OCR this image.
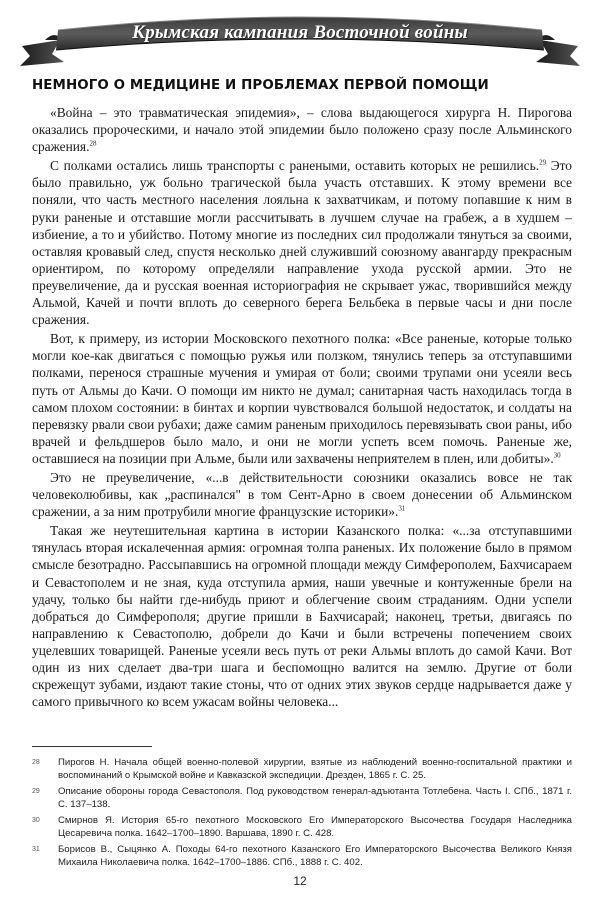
Крымская кампания Восточной войны
НЕМНОГО О МЕДИЦИНЕ И ПРОБЛЕМАХ ПЕРВОЙ ПОМОЩИ

«Война – это травматическая эпидемия», – слова выдающегося хирурга Н. Пирогова оказались пророческими, и начало этой эпидемии было положено сразу после Альминского сражения.$^{28}$

С полками остались лишь транспорты с ранеными, оставить которых не решились.$^{29}$ Это было правильно, уж больно трагической была участь отставших. К этому времени все поняли, что часть местного населения лояльна к захватчикам, и потому попавшие к ним в руки раненые и отставшие могли рассчитывать в лучшем случае на грабеж, а в худшем – избиение, а то и убийство. Потому многие из последних сил продолжали тянуться за своими, оставляя кровавый след, спустя несколько дней служивший союзному авангарду прекрасным ориентиром, по которому определяли направление ухода русской армии. Это не преувеличение, да и русская военная историография не скрывает ужас, творившийся между Альмой, Качей и почти вплоть до северного берега Бельбека в первые часы и дни после сражения.

Вот, к примеру, из истории Московского пехотного полка: «Все раненые, которые только могли кое-как двигаться с помощью ружья или ползком, тянулись теперь за отступавшими полками, перенося страшные мучения и умирая от боли; своими трупами они усеяли весь путь от Альмы до Качи. О помощи им никто не думал; санитарная часть находилась тогда в самом плохом состоянии: в бинтах и корпии чувствовался большой недостаток, и солдаты на перевязку рвали свои рубахи; даже самим раненым приходилось перевязывать свои раны, ибо врачей и фельдшеров было мало, и они не могли успеть всем помочь. Раненые же, оставшиеся на позиции при Альме, были или захвачены неприятелем в плен, или добиты».$^{30}$

Это не преувеличение, «...в действительности союзники оказались вовсе не так человеколюбивы, как „распинался" в том Сент-Арно в своем донесении об Альминском сражении, а за ним протрубили многие французские историки».$^{31}$

Такая же неутешительная картина в истории Казанского полка: «...за отступавшими тянулась вторая искалеченная армия: огромная толпа раненых. Их положение было в прямом смысле безотрадно. Рассыпавшись на огромной площади между Симферополем, Бахчисараем и Севастополем и не зная, куда отступила армия, наши увечные и контуженные брели на удачу, только бы найти где-нибудь приют и облегчение своим страданиям. Одни успели добраться до Симферополя; другие пришли в Бахчисарай; наконец, третьи, двигаясь по направлению к Севастополю, добрели до Качи и были встречены попечением своих уцелевших товарищей. Раненые усеяли весь путь от реки Альмы вплоть до самой Качи. Вот один из них сделает два-три шага и беспомощно валится на землю. Другие от боли скрежещут зубами, издают такие стоны, что от одних этих звуков сердце надрывается даже у самого привычного ко всем ужасам войны человека...

28	Пирогов Н. Начала общей военно-полевой хирургии, взятые из наблюдений военно-госпитальной практики и воспоминаний о Крымской войне и Кавказской экспедиции. Дрезден, 1865 г. С. 25.
29	Описание обороны города Севастополя. Под руководством генерал-адъютанта Тотлебена. Часть I. СПб., 1871 г. С. 137–138.
30	Смирнов Я. История 65-го пехотного Московского Его Императорского Высочества Государя Наследника Цесаревича полка. 1642–1700–1890. Варшава, 1890 г. С. 428.
31	Борисов В., Сыцянко А. Походы 64-го пехотного Казанского Его Императорского Высочества Великого Князя Михаила Николаевича полка. 1642–1700–1886. СПб., 1888 г. С. 402.
12
